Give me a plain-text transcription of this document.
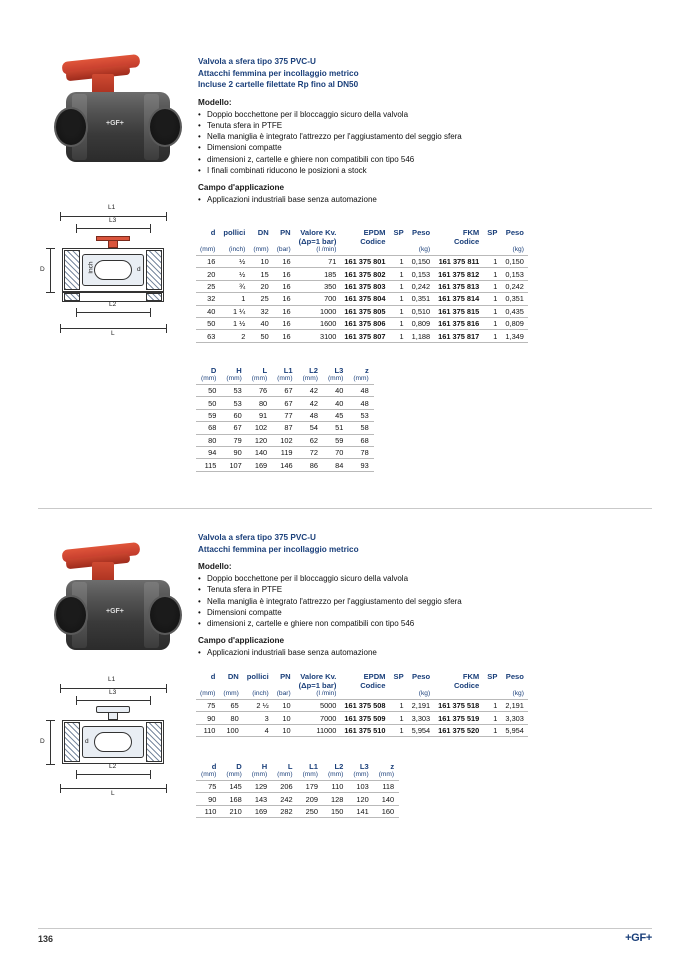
+GF+
L1
L3
D	inch	d
L2
L
Valvola a sfera tipo 375 PVC-U
Attacchi femmina per incollaggio metrico
Incluse 2 cartelle filettate Rp fino al DN50
Modello:
• Doppio bocchettone per il bloccaggio sicuro della valvola
• Tenuta sfera in PTFE
• Nella maniglia è integrato l'attrezzo per l'aggiustamento del seggio sfera
• Dimensioni compatte
• dimensioni z, cartelle e ghiere non compatibili con tipo 546
• I finali combinati riducono le posizioni a stock
Campo d'applicazione
• Applicazioni industriali base senza automazione
d	pollici	DN	PN	Valore Kv.	EPDM	SP	Peso	FKM	SP	Peso
				(Δp=1 bar)	Codice			Codice		
(mm)	(inch)	(mm)	(bar)	(l /min)			(kg)			(kg)
16	½	10	16	71	161 375 801	1	0,150	161 375 811	1	0,150
20	½	15	16	185	161 375 802	1	0,153	161 375 812	1	0,153
25	¾	20	16	350	161 375 803	1	0,242	161 375 813	1	0,242
32	1	25	16	700	161 375 804	1	0,351	161 375 814	1	0,351
40	1 ¼	32	16	1000	161 375 805	1	0,510	161 375 815	1	0,435
50	1 ½	40	16	1600	161 375 806	1	0,809	161 375 816	1	0,809
63	2	50	16	3100	161 375 807	1	1,188	161 375 817	1	1,349
D	H	L	L1	L2	L3	z
(mm)	(mm)	(mm)	(mm)	(mm)	(mm)	(mm)
50	53	76	67	42	40	48
50	53	80	67	42	40	48
59	60	91	77	48	45	53
68	67	102	87	54	51	58
80	79	120	102	62	59	68
94	90	140	119	72	70	78
115	107	169	146	86	84	93
+GF+
L1
L3
D	d
L2
L
Valvola a sfera tipo 375 PVC-U
Attacchi femmina per incollaggio metrico
Modello:
• Doppio bocchettone per il bloccaggio sicuro della valvola
• Tenuta sfera in PTFE
• Nella maniglia è integrato l'attrezzo per l'aggiustamento del seggio sfera
• Dimensioni compatte
• dimensioni z, cartelle e ghiere non compatibili con tipo 546
Campo d'applicazione
• Applicazioni industriali base senza automazione
d	DN	pollici	PN	Valore Kv.	EPDM	SP	Peso	FKM	SP	Peso
				(Δp=1 bar)	Codice			Codice		
(mm)	(mm)	(inch)	(bar)	(l /min)			(kg)			(kg)
75	65	2 ½	10	5000	161 375 508	1	2,191	161 375 518	1	2,191
90	80	3	10	7000	161 375 509	1	3,303	161 375 519	1	3,303
110	100	4	10	11000	161 375 510	1	5,954	161 375 520	1	5,954
d	D	H	L	L1	L2	L3	z
(mm)	(mm)	(mm)	(mm)	(mm)	(mm)	(mm)	(mm)
75	145	129	206	179	110	103	118
90	168	143	242	209	128	120	140
110	210	169	282	250	150	141	160
136	+GF+
